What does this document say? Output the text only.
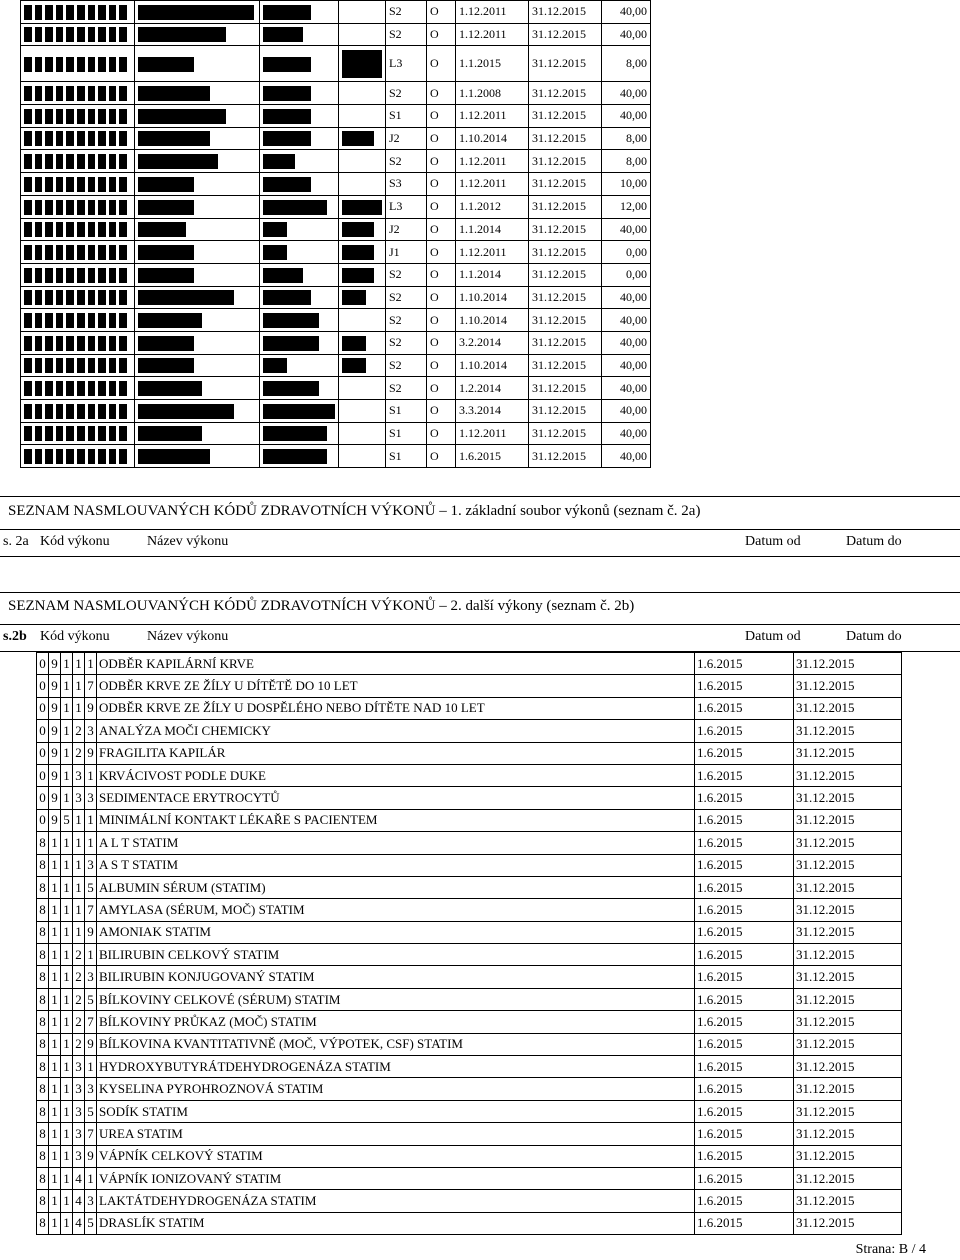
				S2	O	1.12.2011	31.12.2015	40,00

				S2	O	1.12.2011	31.12.2015	40,00

				L3	O	1.1.2015	31.12.2015	8,00

				S2	O	1.1.2008	31.12.2015	40,00

				S1	O	1.12.2011	31.12.2015	40,00

				J2	O	1.10.2014	31.12.2015	8,00

				S2	O	1.12.2011	31.12.2015	8,00

				S3	O	1.12.2011	31.12.2015	10,00

				L3	O	1.1.2012	31.12.2015	12,00

				J2	O	1.1.2014	31.12.2015	40,00

				J1	O	1.12.2011	31.12.2015	0,00

				S2	O	1.1.2014	31.12.2015	0,00

				S2	O	1.10.2014	31.12.2015	40,00

				S2	O	1.10.2014	31.12.2015	40,00

				S2	O	3.2.2014	31.12.2015	40,00

				S2	O	1.10.2014	31.12.2015	40,00

				S2	O	1.2.2014	31.12.2015	40,00

				S1	O	3.3.2014	31.12.2015	40,00

				S1	O	1.12.2011	31.12.2015	40,00

				S1	O	1.6.2015	31.12.2015	40,00
SEZNAM NASMLOUVANÝCH KÓDŮ ZDRAVOTNÍCH VÝKONŮ – 1. základní soubor výkonů (seznam č. 2a)
s. 2a Kód výkonu	Název výkonu	Datum od	Datum do
SEZNAM NASMLOUVANÝCH KÓDŮ ZDRAVOTNÍCH VÝKONŮ – 2. další výkony (seznam č. 2b)
s.2b Kód výkonu	Název výkonu	Datum od	Datum do
0	9	1	1	1	ODBĚR KAPILÁRNÍ KRVE	1.6.2015	31.12.2015
0	9	1	1	7	ODBĚR KRVE ZE ŽÍLY U DÍTĚTĚ DO 10 LET	1.6.2015	31.12.2015
0	9	1	1	9	ODBĚR KRVE ZE ŽÍLY U DOSPĚLÉHO NEBO DÍTĚTE NAD 10 LET	1.6.2015	31.12.2015
0	9	1	2	3	ANALÝZA MOČI CHEMICKY	1.6.2015	31.12.2015
0	9	1	2	9	FRAGILITA KAPILÁR	1.6.2015	31.12.2015
0	9	1	3	1	KRVÁCIVOST PODLE DUKE	1.6.2015	31.12.2015
0	9	1	3	3	SEDIMENTACE ERYTROCYTŮ	1.6.2015	31.12.2015
0	9	5	1	1	MINIMÁLNÍ KONTAKT LÉKAŘE S PACIENTEM	1.6.2015	31.12.2015
8	1	1	1	1	A L T STATIM	1.6.2015	31.12.2015
8	1	1	1	3	A S T STATIM	1.6.2015	31.12.2015
8	1	1	1	5	ALBUMIN SÉRUM (STATIM)	1.6.2015	31.12.2015
8	1	1	1	7	AMYLASA (SÉRUM, MOČ) STATIM	1.6.2015	31.12.2015
8	1	1	1	9	AMONIAK STATIM	1.6.2015	31.12.2015
8	1	1	2	1	BILIRUBIN CELKOVÝ STATIM	1.6.2015	31.12.2015
8	1	1	2	3	BILIRUBIN KONJUGOVANÝ STATIM	1.6.2015	31.12.2015
8	1	1	2	5	BÍLKOVINY CELKOVÉ (SÉRUM) STATIM	1.6.2015	31.12.2015
8	1	1	2	7	BÍLKOVINY PRŮKAZ (MOČ) STATIM	1.6.2015	31.12.2015
8	1	1	2	9	BÍLKOVINA KVANTITATIVNĚ (MOČ, VÝPOTEK, CSF) STATIM	1.6.2015	31.12.2015
8	1	1	3	1	HYDROXYBUTYRÁTDEHYDROGENÁZA STATIM	1.6.2015	31.12.2015
8	1	1	3	3	KYSELINA PYROHROZNOVÁ STATIM	1.6.2015	31.12.2015
8	1	1	3	5	SODÍK STATIM	1.6.2015	31.12.2015
8	1	1	3	7	UREA STATIM	1.6.2015	31.12.2015
8	1	1	3	9	VÁPNÍK CELKOVÝ STATIM	1.6.2015	31.12.2015
8	1	1	4	1	VÁPNÍK IONIZOVANÝ STATIM	1.6.2015	31.12.2015
8	1	1	4	3	LAKTÁTDEHYDROGENÁZA STATIM	1.6.2015	31.12.2015
8	1	1	4	5	DRASLÍK STATIM	1.6.2015	31.12.2015
Strana: B / 4
